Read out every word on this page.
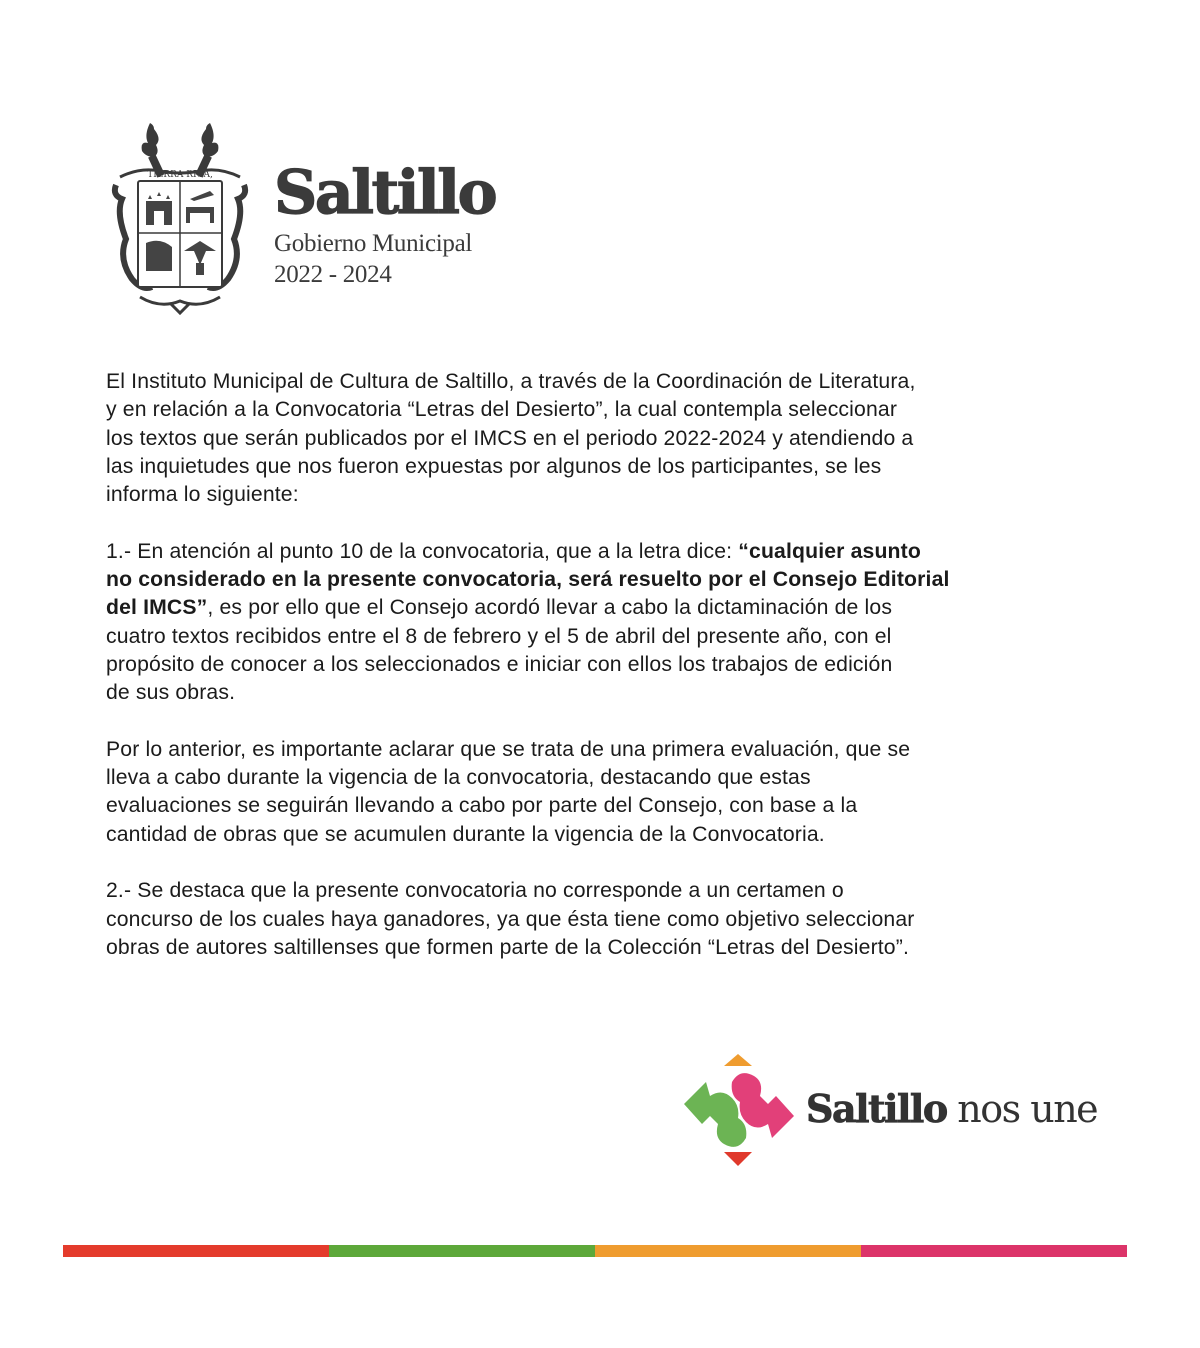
TIERRA RICA, Saltillo
Gobierno Municipal
2022 - 2024
El Instituto Municipal de Cultura de Saltillo, a través de la Coordinación de Literatura,
y en relación a la Convocatoria “Letras del Desierto”, la cual contempla seleccionar
los textos que serán publicados por el IMCS en el periodo 2022-2024 y atendiendo a
las inquietudes que nos fueron expuestas por algunos de los participantes, se les
informa lo siguiente:
1.- En atención al punto 10 de la convocatoria, que a la letra dice: “cualquier asunto
no considerado en la presente convocatoria, será resuelto por el Consejo Editorial
del IMCS”, es por ello que el Consejo acordó llevar a cabo la dictaminación de los
cuatro textos recibidos entre el 8 de febrero y el 5 de abril del presente año, con el
propósito de conocer a los seleccionados e iniciar con ellos los trabajos de edición
de sus obras.
Por lo anterior, es importante aclarar que se trata de una primera evaluación, que se
lleva a cabo durante la vigencia de la convocatoria, destacando que estas
evaluaciones se seguirán llevando a cabo por parte del Consejo, con base a la
cantidad de obras que se acumulen durante la vigencia de la Convocatoria.
2.- Se destaca que la presente convocatoria no corresponde a un certamen o
concurso de los cuales haya ganadores, ya que ésta tiene como objetivo seleccionar
obras de autores saltillenses que formen parte de la Colección “Letras del Desierto”.
Saltillo nos une
